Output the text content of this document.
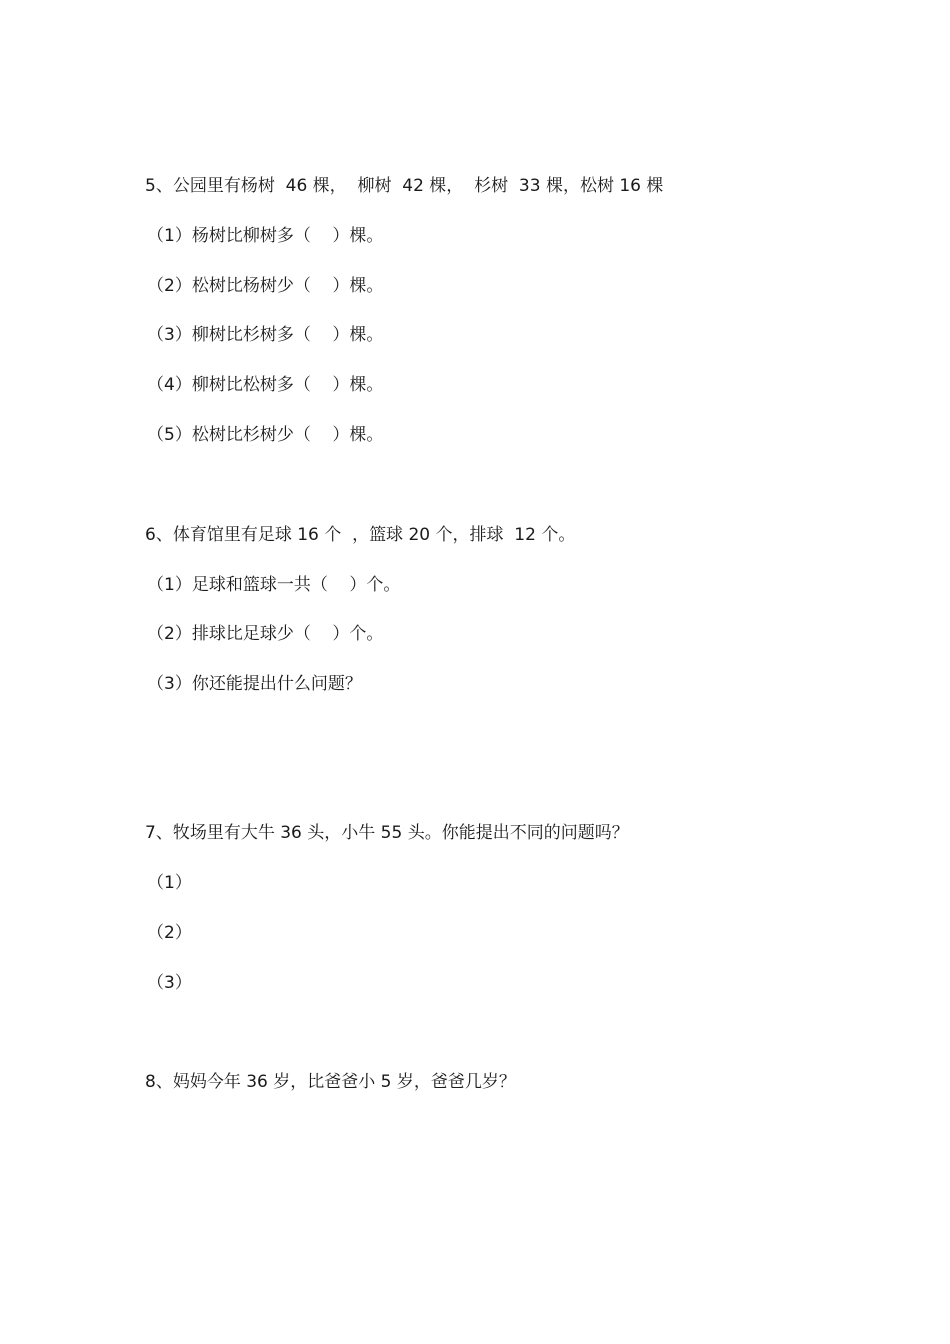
5、公园里有杨树  46 棵，  柳树  42 棵，  杉树  33 棵，松树 16 棵
（1）杨树比柳树多（    ）棵。
（2）松树比杨树少（    ）棵。
（3）柳树比杉树多（    ）棵。
（4）柳树比松树多（    ）棵。
（5）松树比杉树少（    ）棵。
6、体育馆里有足球 16 个  ，篮球 20 个，排球  12 个。
（1）足球和篮球一共（    ）个。
（2）排球比足球少（    ）个。
（3）你还能提出什么问题？
7、牧场里有大牛 36 头，小牛 55 头。你能提出不同的问题吗？
（1）
（2）
（3）
8、妈妈今年 36 岁，比爸爸小 5 岁，爸爸几岁？
